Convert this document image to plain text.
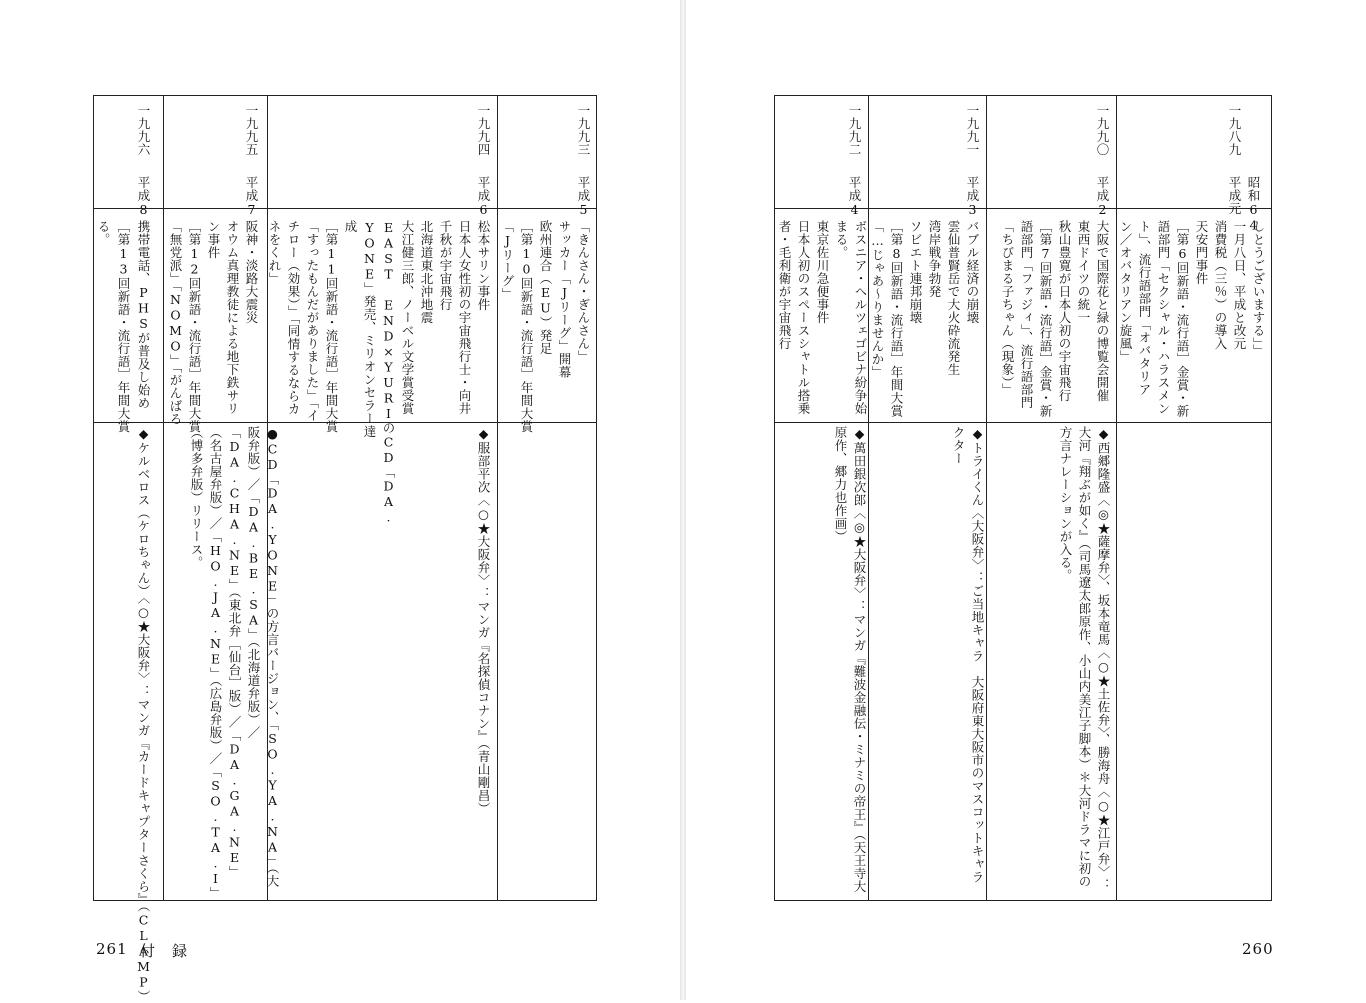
一九九六
平成8
［第13回新語・流行語］年間大賞
る。 携帯電話、PHSが普及し始め
◆ケルベロス（ケロちゃん）〈○★大阪弁〉：マンガ『カードキャプターさくら』（CLAMP）
一九九五
平成7
阪神・淡路大震災
オウム真理教徒による地下鉄サリ
ン事件
［第12回新語・流行語］年間大賞
「無党派」「NOMO」「がんばろ
●CD「DA.YONE」の方言バージョン、「SO.YA.NA」（大阪弁版）／「DA.BE.SA」（北海道弁版）／「DA.CHA.NE」（東北弁［仙台］版）／「DA.GA.NE」（名古屋弁版）／「HO.JA.NE」（広島弁版）／「SO.TA.I」（博多弁版）リリース。
一九九四
平成6
松本サリン事件
日本人女性初の宇宙飛行士・向井
千秋が宇宙飛行
北海道東北沖地震
大江健三郎、ノーベル文学賞受賞
EAST END×YURIのCD「DA.
YONE」発売、ミリオンセラー達
成
［第11回新語・流行語］年間大賞
「すったもんだがありました」「イ
チロー（効果）」「同情するならカ
ネをくれ」
◆服部平次〈○★大阪弁〉：マンガ『名探偵コナン』（青山剛昌）
一九九三
平成5
「きんさん・ぎんさん」
サッカー「Jリーグ」開幕
欧州連合（EU）発足
［第10回新語・流行語］年間大賞
「Jリーグ」
261 付　録
一九九二
平成4
ボスニア・ヘルツェゴビナ紛争始
まる。
東京佐川急便事件
日本人初のスペースシャトル搭乗
者・毛利衛が宇宙飛行
◆萬田銀次郎〈◎★大阪弁〉：マンガ『難波金融伝・ミナミの帝王』（天王寺大原作、郷力也作画）
一九九一
平成3
バブル経済の崩壊
雲仙普賢岳で大火砕流発生
湾岸戦争勃発
ソビエト連邦崩壊
［第8回新語・流行語］年間大賞
「…じゃあ～りませんか」
◆トライくん〈大阪弁〉：ご当地キャラ　大阪府東大阪市のマスコットキャラクター
一九九〇
平成2
大阪で国際花と緑の博覧会開催
東西ドイツの統一
秋山豊寛が日本人初の宇宙飛行
［第7回新語・流行語］金賞・新
語部門「ファジィ」、流行語部門
「ちびまる子ちゃん（現象）」
◆西郷隆盛〈◎★薩摩弁〉、坂本竜馬〈○★土佐弁〉、勝海舟〈○★江戸弁〉：大河『翔ぶが如く』（司馬遼太郎原作、小山内美江子脚本）＊大河ドラマに初の方言ナレーションが入る。
一九八九
昭和64
平成元
しとうございまする」」
一月八日、平成と改元
消費税（三％）の導入
天安門事件
［第6回新語・流行語］金賞・新
語部門「セクシャル・ハラスメン
ト」、流行語部門「オバタリア
ン／オバタリアン旋風」
260
